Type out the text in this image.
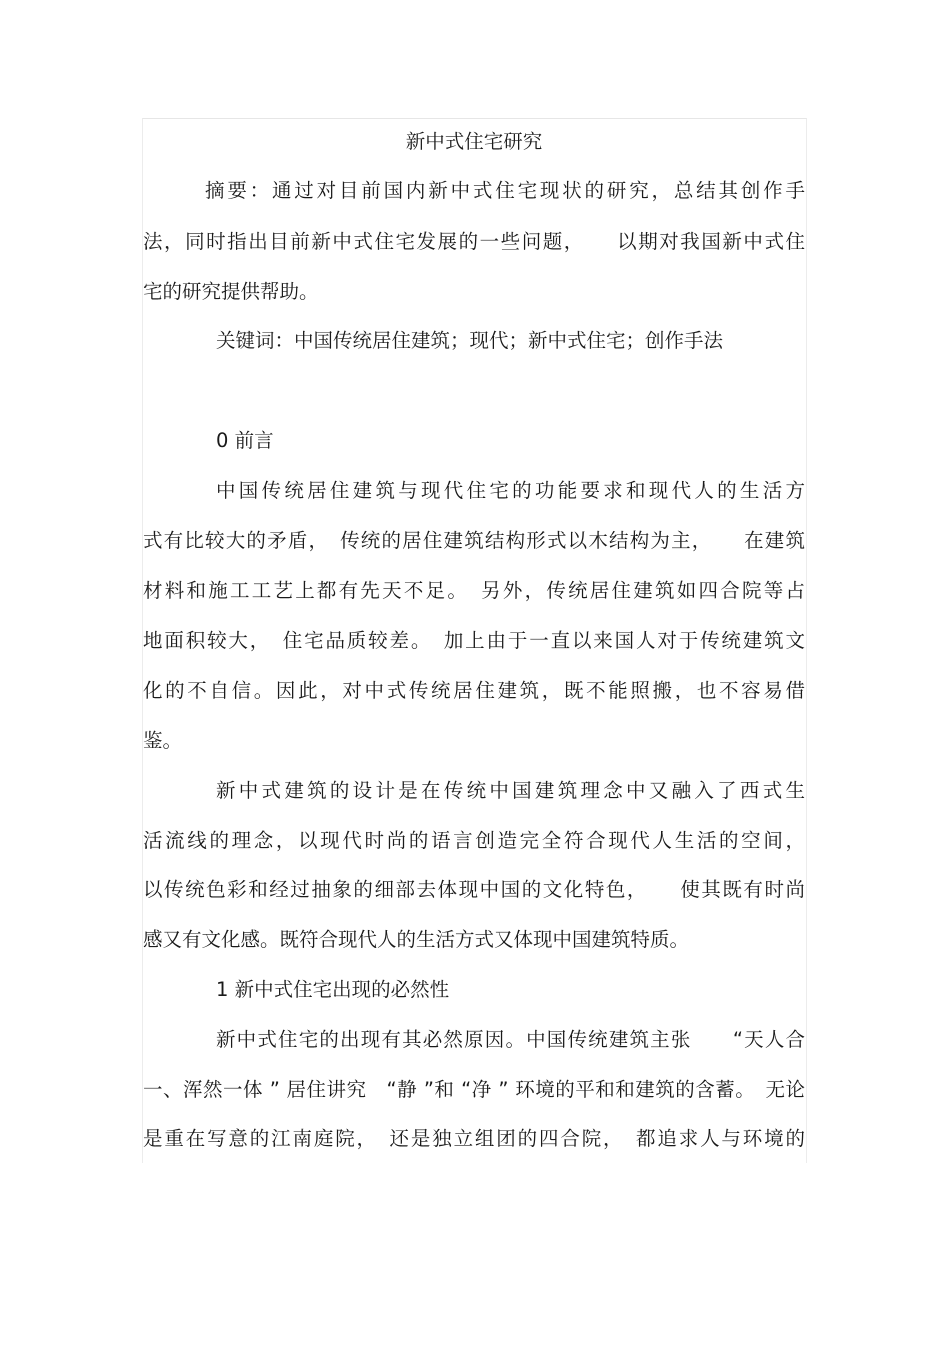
新中式住宅研究
摘要：通过对目前国内新中式住宅现状的研究，总结其创作手
法，同时指出目前新中式住宅发展的一些问题，　　以期对我国新中式住
宅的研究提供帮助。
关键词：中国传统居住建筑；现代；新中式住宅；创作手法
0 前言
中国传统居住建筑与现代住宅的功能要求和现代人的生活方
式有比较大的矛盾，　传统的居住建筑结构形式以木结构为主，　　在建筑
材料和施工工艺上都有先天不足。　另外，传统居住建筑如四合院等占
地面积较大，　住宅品质较差。　加上由于一直以来国人对于传统建筑文
化的不自信。因此，对中式传统居住建筑，既不能照搬，也不容易借
鉴。
新中式建筑的设计是在传统中国建筑理念中又融入了西式生
活流线的理念，以现代时尚的语言创造完全符合现代人生活的空间，
以传统色彩和经过抽象的细部去体现中国的文化特色，　　使其既有时尚
感又有文化感。既符合现代人的生活方式又体现中国建筑特质。
1 新中式住宅出现的必然性
新中式住宅的出现有其必然原因。中国传统建筑主张　　“天人合
一、浑然一体 ” 居住讲究　“静 ”和 “净 ” 环境的平和和建筑的含蓄。　无论
是重在写意的江南庭院，　还是独立组团的四合院，　都追求人与环境的
